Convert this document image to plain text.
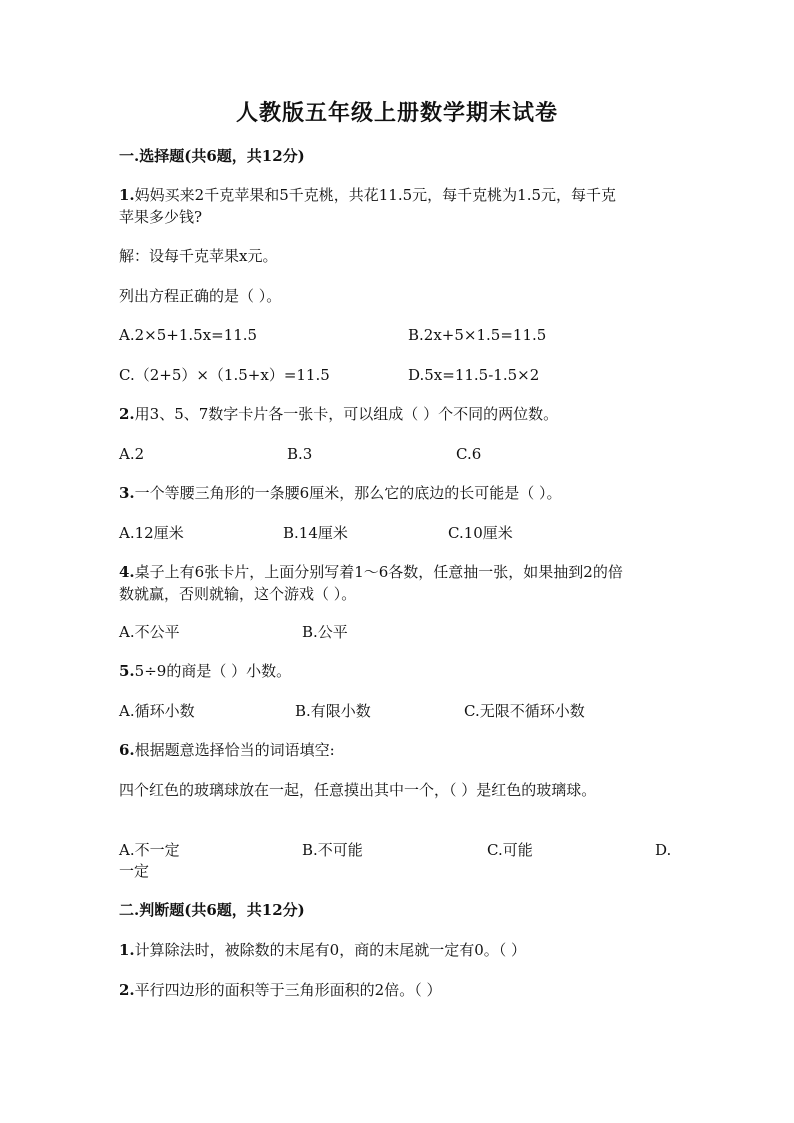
人教版五年级上册数学期末试卷
一.选择题(共6题，共12分)
1.妈妈买来2千克苹果和5千克桃，共花11.5元，每千克桃为1.5元，每千克
苹果多少钱?
解：设每千克苹果x元。
列出方程正确的是（ ）。
A.2×5+1.5x=11.5	B.2x+5×1.5=11.5
C.（2+5）×（1.5+x）=11.5	D.5x=11.5-1.5×2
2.用3、5、7数字卡片各一张卡，可以组成（ ）个不同的两位数。
A.2	B.3	C.6
3.一个等腰三角形的一条腰6厘米，那么它的底边的长可能是（ ）。
A.12厘米	B.14厘米	C.10厘米
4.桌子上有6张卡片，上面分别写着1～6各数，任意抽一张，如果抽到2的倍
数就赢，否则就输，这个游戏（ ）。
A.不公平	B.公平
5.5÷9的商是（ ）小数。
A.循环小数	B.有限小数	C.无限不循环小数
6.根据题意选择恰当的词语填空:
四个红色的玻璃球放在一起，任意摸出其中一个，（ ）是红色的玻璃球。
A.不一定	B.不可能	C.可能	D.
一定
二.判断题(共6题，共12分)
1.计算除法时，被除数的末尾有0，商的末尾就一定有0。（ ）
2.平行四边形的面积等于三角形面积的2倍。（ ）
